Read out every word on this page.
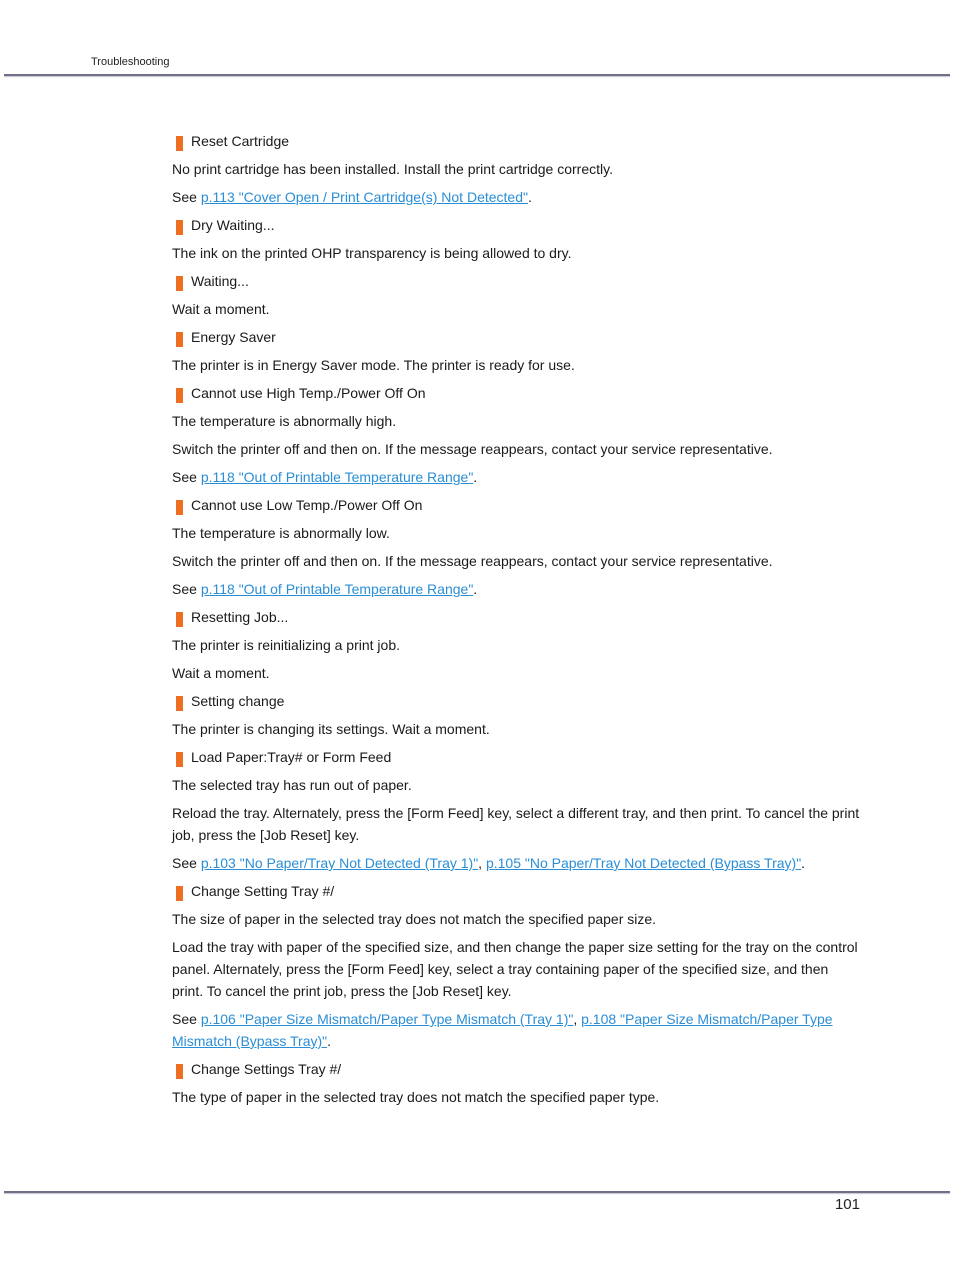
Troubleshooting
Reset Cartridge

No print cartridge has been installed. Install the print cartridge correctly.

See p.113 "Cover Open / Print Cartridge(s) Not Detected".

Dry Waiting...

The ink on the printed OHP transparency is being allowed to dry.

Waiting...

Wait a moment.

Energy Saver

The printer is in Energy Saver mode. The printer is ready for use.

Cannot use High Temp./Power Off On

The temperature is abnormally high.

Switch the printer off and then on. If the message reappears, contact your service representative.

See p.118 "Out of Printable Temperature Range".

Cannot use Low Temp./Power Off On

The temperature is abnormally low.

Switch the printer off and then on. If the message reappears, contact your service representative.

See p.118 "Out of Printable Temperature Range".

Resetting Job...

The printer is reinitializing a print job.

Wait a moment.

Setting change

The printer is changing its settings. Wait a moment.

Load Paper:Tray# or Form Feed

The selected tray has run out of paper.

Reload the tray. Alternately, press the [Form Feed] key, select a different tray, and then print. To cancel the print job, press the [Job Reset] key.

See p.103 "No Paper/Tray Not Detected (Tray 1)", p.105 "No Paper/Tray Not Detected (Bypass Tray)".

Change Setting Tray #/

The size of paper in the selected tray does not match the specified paper size.

Load the tray with paper of the specified size, and then change the paper size setting for the tray on the control panel. Alternately, press the [Form Feed] key, select a tray containing paper of the specified size, and then print. To cancel the print job, press the [Job Reset] key.

See p.106 "Paper Size Mismatch/Paper Type Mismatch (Tray 1)", p.108 "Paper Size Mismatch/Paper Type Mismatch (Bypass Tray)".

Change Settings Tray #/

The type of paper in the selected tray does not match the specified paper type.

101
